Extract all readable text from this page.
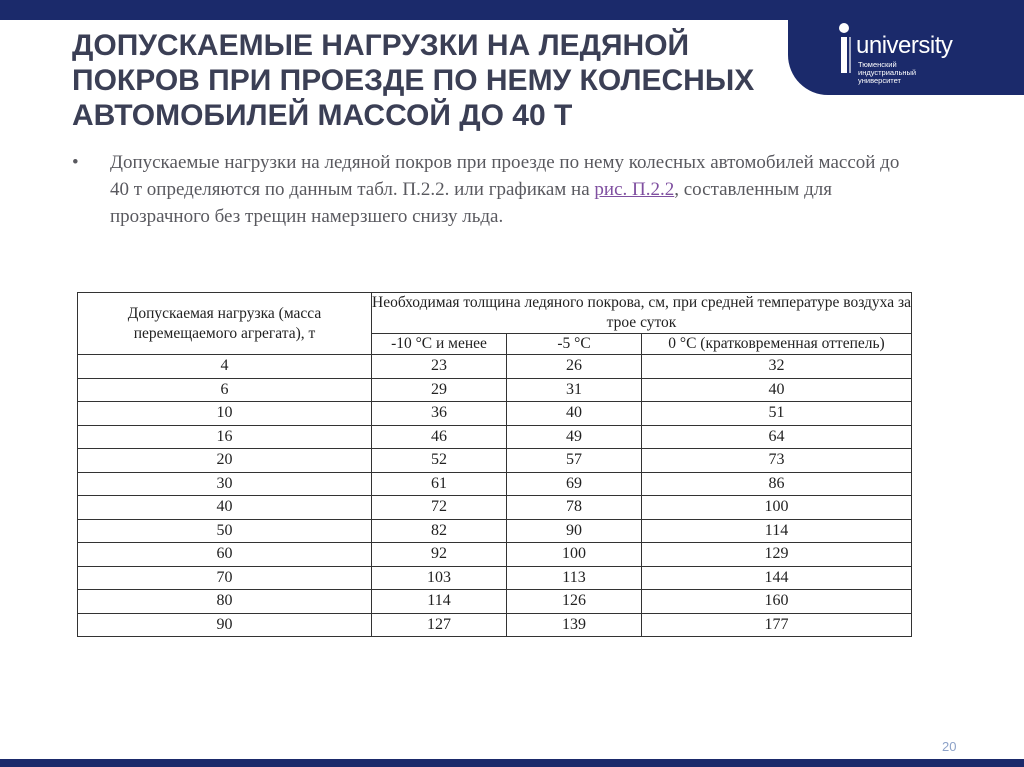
university
Тюменский индустриальный университет
ДОПУСКАЕМЫЕ НАГРУЗКИ НА ЛЕДЯНОЙ ПОКРОВ ПРИ ПРОЕЗДЕ ПО НЕМУ КОЛЕСНЫХ АВТОМОБИЛЕЙ МАССОЙ ДО 40 Т
•	Допускаемые нагрузки на ледяной покров при проезде по нему колесных автомобилей массой до 40 т определяются по данным табл. П.2.2. или графикам на рис. П.2.2, составленным для прозрачного без трещин намерзшего снизу льда.
Допускаемая нагрузка (масса перемещаемого агрегата), т	Необходимая толщина ледяного покрова, см, при средней температуре воздуха за трое суток		
	-10 °C и менее	-5 °C	0 °C (кратковременная оттепель)
4	23	26	32
6	29	31	40
10	36	40	51
16	46	49	64
20	52	57	73
30	61	69	86
40	72	78	100
50	82	90	114
60	92	100	129
70	103	113	144
80	114	126	160
90	127	139	177
20
